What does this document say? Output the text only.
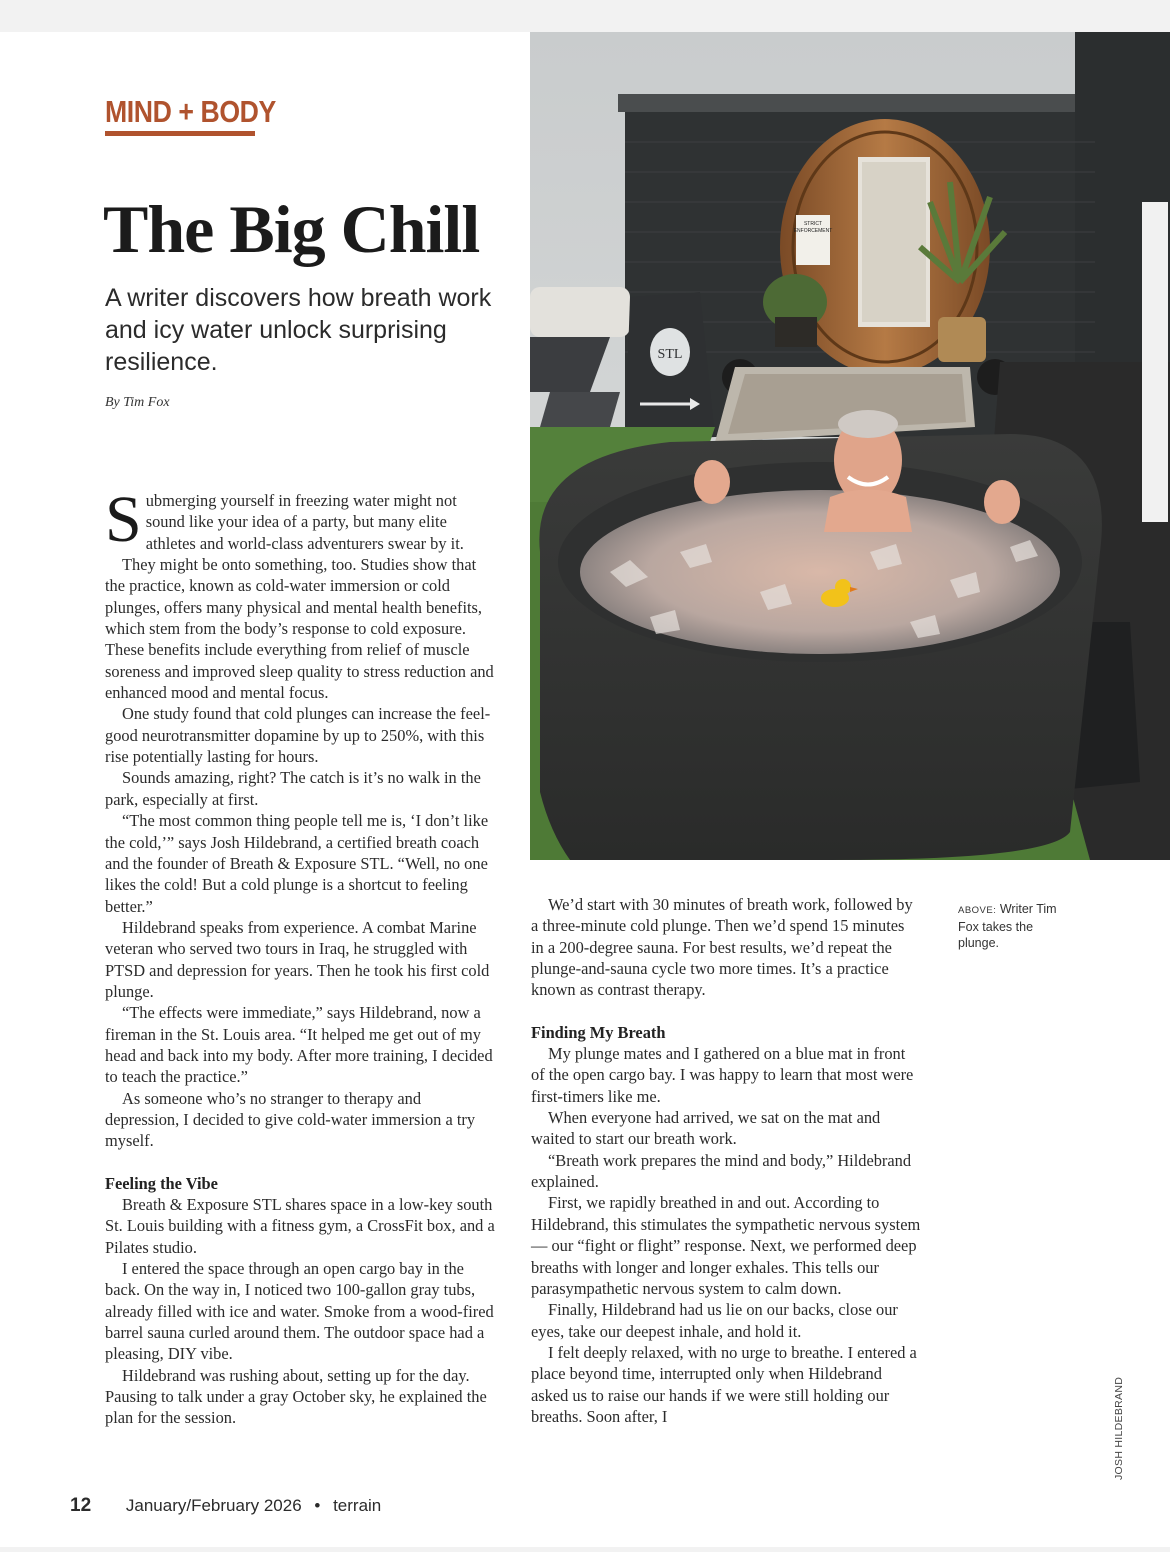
MIND + BODY
The Big Chill
A writer discovers how breath work and icy water unlock surprising resilience.
By Tim Fox

Submerging yourself in freezing water might not sound like your idea of a party, but many elite athletes and world-class adventurers swear by it.

They might be onto something, too. Studies show that the practice, known as cold-water immersion or cold plunges, offers many physical and mental health benefits, which stem from the body’s response to cold exposure. These benefits include everything from relief of muscle soreness and improved sleep quality to stress reduction and enhanced mood and mental focus.

One study found that cold plunges can increase the feel-good neurotransmitter dopamine by up to 250%, with this rise potentially lasting for hours.

Sounds amazing, right? The catch is it’s no walk in the park, especially at first.

“The most common thing people tell me is, ‘I don’t like the cold,’” says Josh Hildebrand, a certified breath coach and the founder of Breath & Exposure STL. “Well, no one likes the cold! But a cold plunge is a shortcut to feeling better.”

Hildebrand speaks from experience. A combat Marine veteran who served two tours in Iraq, he struggled with PTSD and depression for years. Then he took his first cold plunge.

“The effects were immediate,” says Hildebrand, now a fireman in the St. Louis area. “It helped me get out of my head and back into my body. After more training, I decided to teach the practice.”

As someone who’s no stranger to therapy and depression, I decided to give cold-water immersion a try myself.

Feeling the Vibe

Breath & Exposure STL shares space in a low-key south St. Louis building with a fitness gym, a CrossFit box, and a Pilates studio.

I entered the space through an open cargo bay in the back. On the way in, I noticed two 100-gallon gray tubs, already filled with ice and water. Smoke from a wood-fired barrel sauna curled around them. The outdoor space had a pleasing, DIY vibe.

Hildebrand was rushing about, setting up for the day. Pausing to talk under a gray October sky, he explained the plan for the session.

We’d start with 30 minutes of breath work, followed by a three-minute cold plunge. Then we’d spend 15 minutes in a 200-degree sauna. For best results, we’d repeat the plunge-and-sauna cycle two more times. It’s a practice known as contrast therapy.

Finding My Breath

My plunge mates and I gathered on a blue mat in front of the open cargo bay. I was happy to learn that most were first-timers like me.

When everyone had arrived, we sat on the mat and waited to start our breath work.

“Breath work prepares the mind and body,” Hildebrand explained.

First, we rapidly breathed in and out. According to Hildebrand, this stimulates the sympathetic nervous system — our “fight or flight” response. Next, we performed deep breaths with longer and longer exhales. This tells our parasympathetic nervous system to calm down.

Finally, Hildebrand had us lie on our backs, close our eyes, take our deepest inhale, and hold it.

I felt deeply relaxed, with no urge to breathe. I entered a place beyond time, interrupted only when Hildebrand asked us to raise our hands if we were still holding our breaths. Soon after, I

STRICT
ENFORCEMENT
STL
ABOVE: Writer Tim Fox takes the plunge.
JOSH HILDEBRAND
12 January/February 2026 • terrain
